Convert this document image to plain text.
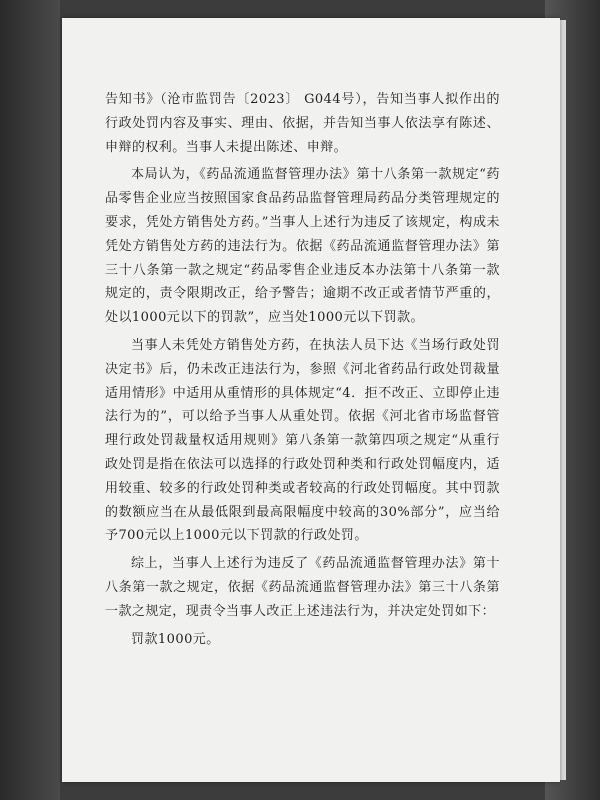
告知书》（沧市监罚告〔2023〕 G044号），告知当事人拟作出的行政处罚内容及事实、理由、依据，并告知当事人依法享有陈述、申辩的权利。当事人未提出陈述、申辩。

本局认为，《药品流通监督管理办法》第十八条第一款规定“药品零售企业应当按照国家食品药品监督管理局药品分类管理规定的要求，凭处方销售处方药。”当事人上述行为违反了该规定，构成未凭处方销售处方药的违法行为。依据《药品流通监督管理办法》第三十八条第一款之规定“药品零售企业违反本办法第十八条第一款规定的，责令限期改正，给予警告；逾期不改正或者情节严重的，处以1000元以下的罚款”，应当处1000元以下罚款。

当事人未凭处方销售处方药，在执法人员下达《当场行政处罚决定书》后，仍未改正违法行为，参照《河北省药品行政处罚裁量适用情形》中适用从重情形的具体规定“4．拒不改正、立即停止违法行为的”，可以给予当事人从重处罚。依据《河北省市场监督管理行政处罚裁量权适用规则》第八条第一款第四项之规定“从重行政处罚是指在依法可以选择的行政处罚种类和行政处罚幅度内，适用较重、较多的行政处罚种类或者较高的行政处罚幅度。其中罚款的数额应当在从最低限到最高限幅度中较高的30%部分”，应当给予700元以上1000元以下罚款的行政处罚。

综上，当事人上述行为违反了《药品流通监督管理办法》第十八条第一款之规定，依据《药品流通监督管理办法》第三十八条第一款之规定，现责令当事人改正上述违法行为，并决定处罚如下：

罚款1000元。
